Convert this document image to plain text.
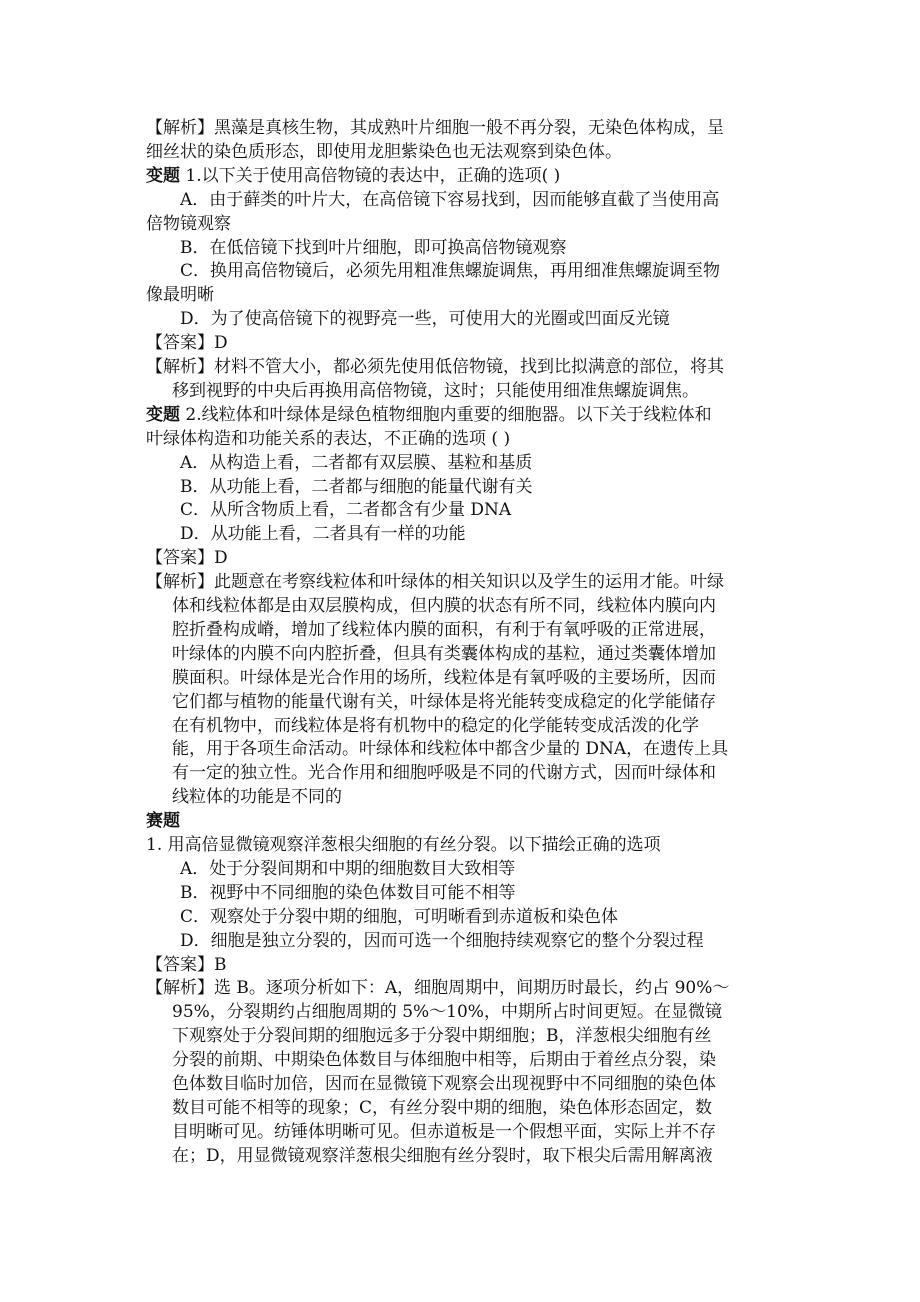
【解析】黑藻是真核生物，其成熟叶片细胞一般不再分裂，无染色体构成，呈
细丝状的染色质形态，即使用龙胆紫染色也无法观察到染色体。
变题 1.以下关于使用高倍物镜的表达中，正确的选项( )
A．由于藓类的叶片大，在高倍镜下容易找到，因而能够直截了当使用高
倍物镜观察
B．在低倍镜下找到叶片细胞，即可换高倍物镜观察
C．换用高倍物镜后，必须先用粗准焦螺旋调焦，再用细准焦螺旋调至物
像最明晰
D．为了使高倍镜下的视野亮一些，可使用大的光圈或凹面反光镜
【答案】D
【解析】材料不管大小，都必须先使用低倍物镜，找到比拟满意的部位，将其
移到视野的中央后再换用高倍物镜，这时；只能使用细准焦螺旋调焦。
变题 2.线粒体和叶绿体是绿色植物细胞内重要的细胞器。以下关于线粒体和
叶绿体构造和功能关系的表达，不正确的选项 ( )
A．从构造上看，二者都有双层膜、基粒和基质
B．从功能上看，二者都与细胞的能量代谢有关
C．从所含物质上看，二者都含有少量 DNA
D．从功能上看，二者具有一样的功能
【答案】D
【解析】此题意在考察线粒体和叶绿体的相关知识以及学生的运用才能。叶绿
体和线粒体都是由双层膜构成，但内膜的状态有所不同，线粒体内膜向内
腔折叠构成嵴，增加了线粒体内膜的面积，有利于有氧呼吸的正常进展，
叶绿体的内膜不向内腔折叠，但具有类囊体构成的基粒，通过类囊体增加
膜面积。叶绿体是光合作用的场所，线粒体是有氧呼吸的主要场所，因而
它们都与植物的能量代谢有关，叶绿体是将光能转变成稳定的化学能储存
在有机物中，而线粒体是将有机物中的稳定的化学能转变成活泼的化学
能，用于各项生命活动。叶绿体和线粒体中都含少量的 DNA，在遗传上具
有一定的独立性。光合作用和细胞呼吸是不同的代谢方式，因而叶绿体和
线粒体的功能是不同的
赛题
1. 用高倍显微镜观察洋葱根尖细胞的有丝分裂。以下描绘正确的选项
A．处于分裂间期和中期的细胞数目大致相等
B．视野中不同细胞的染色体数目可能不相等
C．观察处于分裂中期的细胞，可明晰看到赤道板和染色体
D．细胞是独立分裂的，因而可选一个细胞持续观察它的整个分裂过程
【答案】B
【解析】选 B。逐项分析如下：A，细胞周期中，间期历时最长，约占 90%～
95%，分裂期约占细胞周期的 5%～10%，中期所占时间更短。在显微镜
下观察处于分裂间期的细胞远多于分裂中期细胞；B，洋葱根尖细胞有丝
分裂的前期、中期染色体数目与体细胞中相等，后期由于着丝点分裂，染
色体数目临时加倍，因而在显微镜下观察会出现视野中不同细胞的染色体
数目可能不相等的现象；C，有丝分裂中期的细胞，染色体形态固定，数
目明晰可见。纺锤体明晰可见。但赤道板是一个假想平面，实际上并不存
在；D，用显微镜观察洋葱根尖细胞有丝分裂时，取下根尖后需用解离液
